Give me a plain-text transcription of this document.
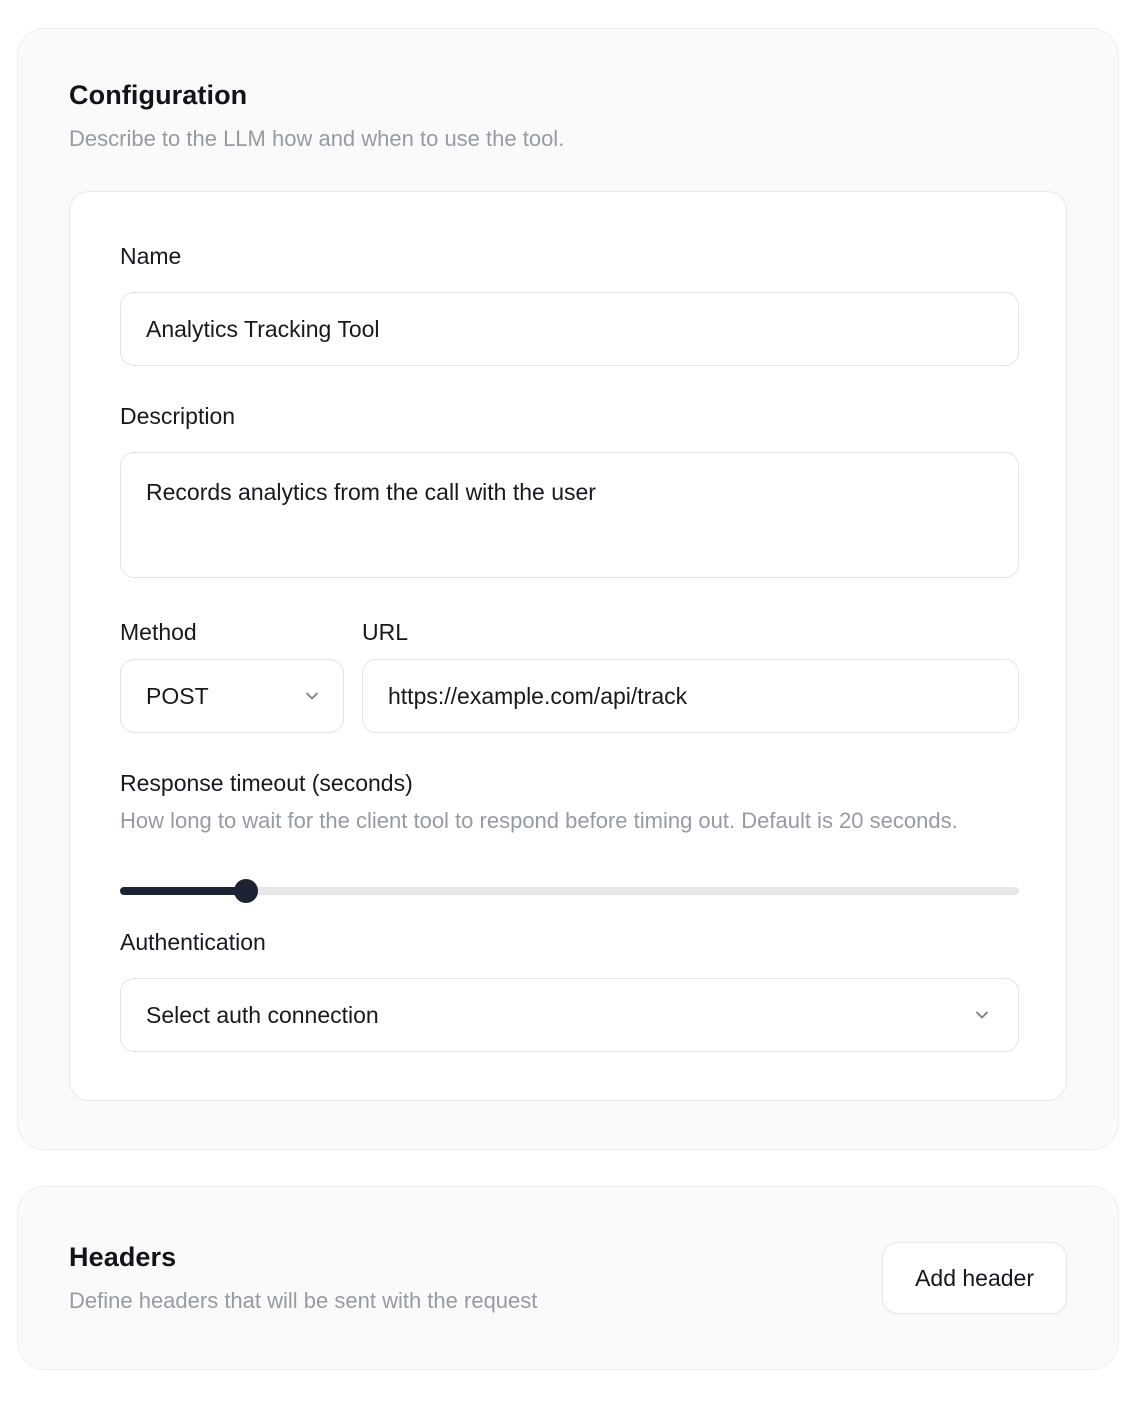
Configuration

Describe to the LLM how and when to use the tool.

Name
Analytics Tracking Tool
Description
Records analytics from the call with the user
Method
POST
URL
https://example.com/api/track
Response timeout (seconds)

How long to wait for the client tool to respond before timing out. Default is 20 seconds.

Authentication
Select auth connection
Headers

Define headers that will be sent with the request

Add header
